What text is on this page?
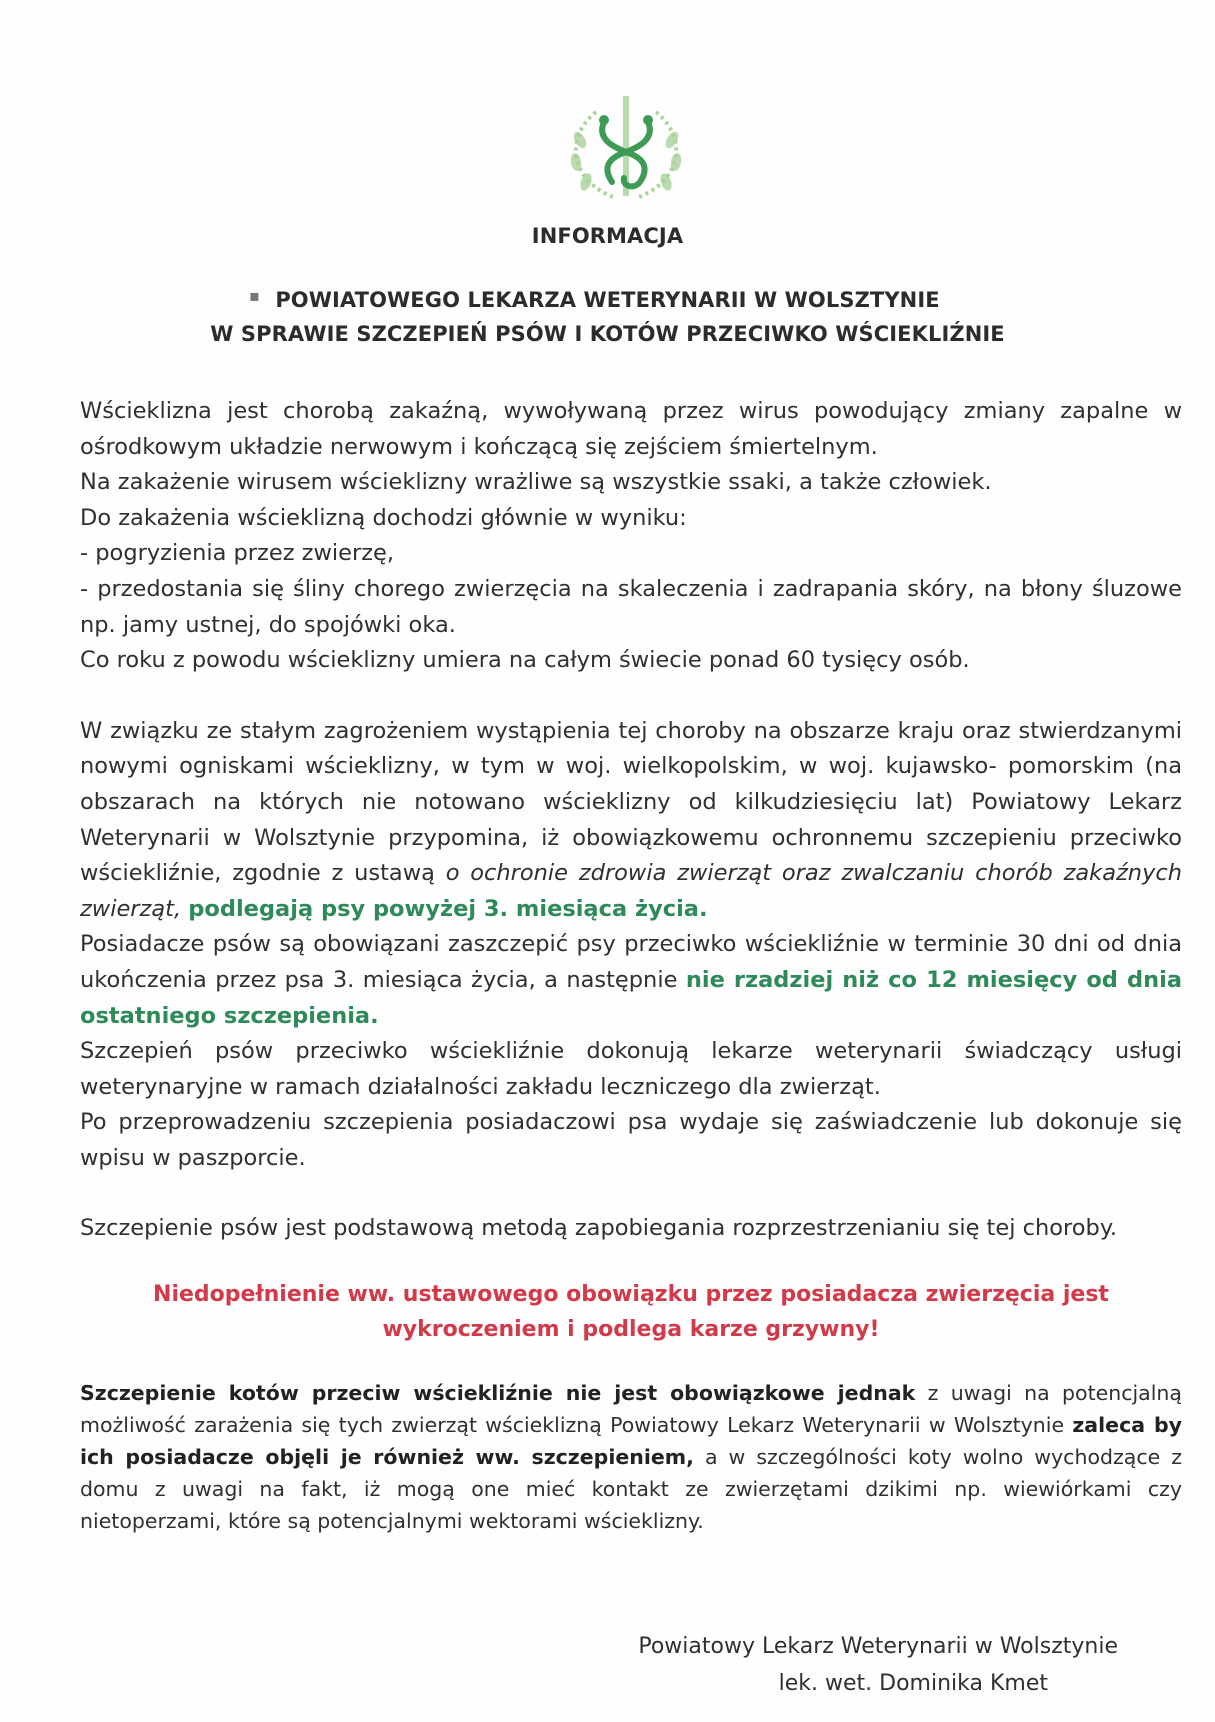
INFORMACJA
▪ POWIATOWEGO LEKARZA WETERYNARII W WOLSZTYNIE
W SPRAWIE SZCZEPIEŃ PSÓW I KOTÓW PRZECIWKO WŚCIEKLIŹNIE

Wścieklizna jest chorobą zakaźną, wywoływaną przez wirus powodujący zmiany zapalne w ośrodkowym układzie nerwowym i kończącą się zejściem śmiertelnym.

Na zakażenie wirusem wścieklizny wrażliwe są wszystkie ssaki, a także człowiek.

Do zakażenia wścieklizną dochodzi głównie w wyniku:

- pogryzienia przez zwierzę,

- przedostania się śliny chorego zwierzęcia na skaleczenia i zadrapania skóry, na błony śluzowe np. jamy ustnej, do spojówki oka.

Co roku z powodu wścieklizny umiera na całym świecie ponad 60 tysięcy osób.

W związku ze stałym zagrożeniem wystąpienia tej choroby na obszarze kraju oraz stwierdzanymi nowymi ogniskami wścieklizny, w tym w woj. wielkopolskim, w woj. kujawsko- pomorskim (na obszarach na których nie notowano wścieklizny od kilkudziesięciu lat) Powiatowy Lekarz Weterynarii w Wolsztynie przypomina, iż obowiązkowemu ochronnemu szczepieniu przeciwko wściekliźnie, zgodnie z ustawą o ochronie zdrowia zwierząt oraz zwalczaniu chorób zakaźnych zwierząt, podlegają psy powyżej 3. miesiąca życia.

Posiadacze psów są obowiązani zaszczepić psy przeciwko wściekliźnie w terminie 30 dni od dnia ukończenia przez psa 3. miesiąca życia, a następnie nie rzadziej niż co 12 miesięcy od dnia ostatniego szczepienia.

Szczepień psów przeciwko wściekliźnie dokonują lekarze weterynarii świadczący usługi weterynaryjne w ramach działalności zakładu leczniczego dla zwierząt.

Po przeprowadzeniu szczepienia posiadaczowi psa wydaje się zaświadczenie lub dokonuje się wpisu w paszporcie.

Szczepienie psów jest podstawową metodą zapobiegania rozprzestrzenianiu się tej choroby.

Niedopełnienie ww. ustawowego obowiązku przez posiadacza zwierzęcia jest
wykroczeniem i podlega karze grzywny!

Szczepienie kotów przeciw wściekliźnie nie jest obowiązkowe jednak z uwagi na potencjalną możliwość zarażenia się tych zwierząt wścieklizną Powiatowy Lekarz Weterynarii w Wolsztynie zaleca by ich posiadacze objęli je również ww. szczepieniem, a w szczególności koty wolno wychodzące z domu z uwagi na fakt, iż mogą one mieć kontakt ze zwierzętami dzikimi np. wiewiórkami czy nietoperzami, które są potencjalnymi wektorami wścieklizny.

Powiatowy Lekarz Weterynarii w Wolsztynie
lek. wet. Dominika Kmet
